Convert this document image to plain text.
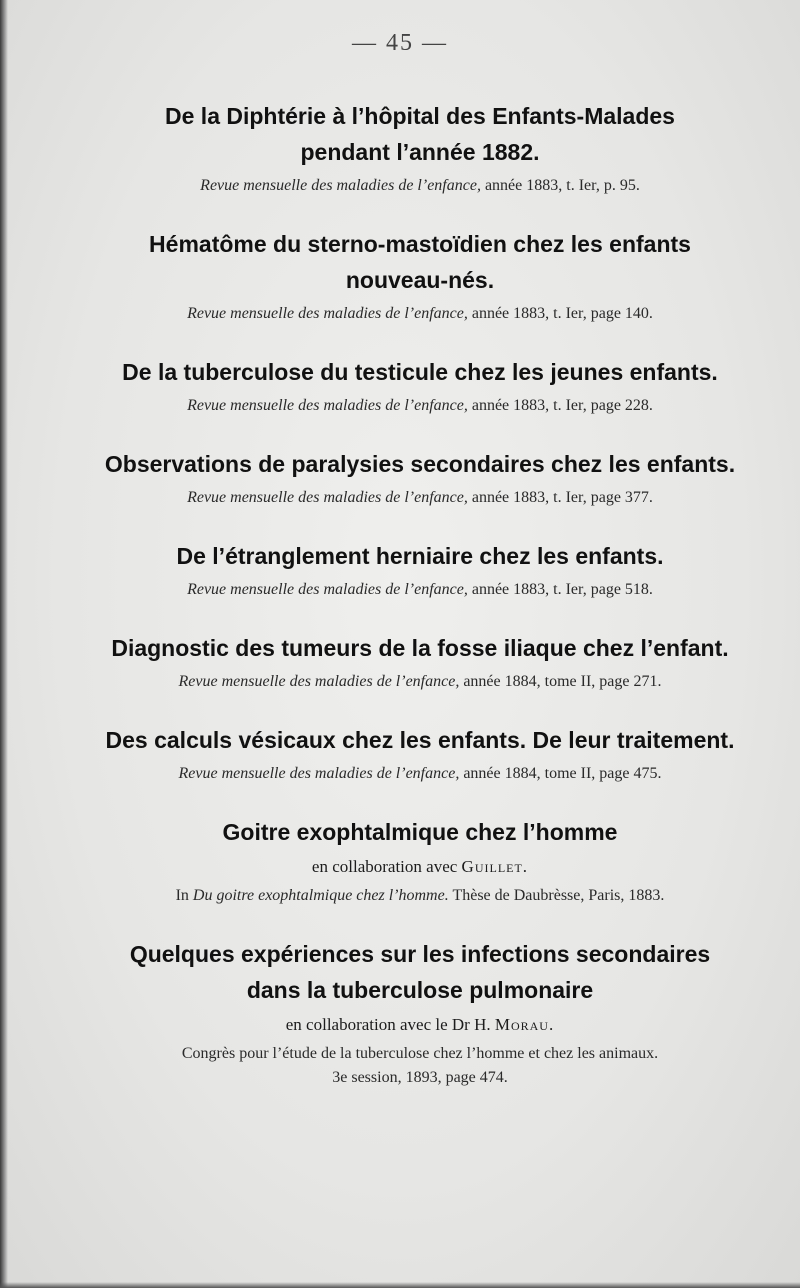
— 45 —

De la Diphtérie à l’hôpital des Enfants-Malades
pendant l’année 1882.

Revue mensuelle des maladies de l’enfance, année 1883, t. Ier, p. 95.

Hématôme du sterno-mastoïdien chez les enfants
nouveau-nés.

Revue mensuelle des maladies de l’enfance, année 1883, t. Ier, page 140.

De la tuberculose du testicule chez les jeunes enfants.

Revue mensuelle des maladies de l’enfance, année 1883, t. Ier, page 228.

Observations de paralysies secondaires chez les enfants.

Revue mensuelle des maladies de l’enfance, année 1883, t. Ier, page 377.

De l’étranglement herniaire chez les enfants.

Revue mensuelle des maladies de l’enfance, année 1883, t. Ier, page 518.

Diagnostic des tumeurs de la fosse iliaque chez l’enfant.

Revue mensuelle des maladies de l’enfance, année 1884, tome II, page 271.

Des calculs vésicaux chez les enfants. De leur traitement.

Revue mensuelle des maladies de l’enfance, année 1884, tome II, page 475.

Goitre exophtalmique chez l’homme

en collaboration avec Guillet.

In Du goitre exophtalmique chez l’homme. Thèse de Daubrèsse, Paris, 1883.

Quelques expériences sur les infections secondaires
dans la tuberculose pulmonaire

en collaboration avec le Dr H. Morau.

Congrès pour l’étude de la tuberculose chez l’homme et chez les animaux.
3e session, 1893, page 474.
